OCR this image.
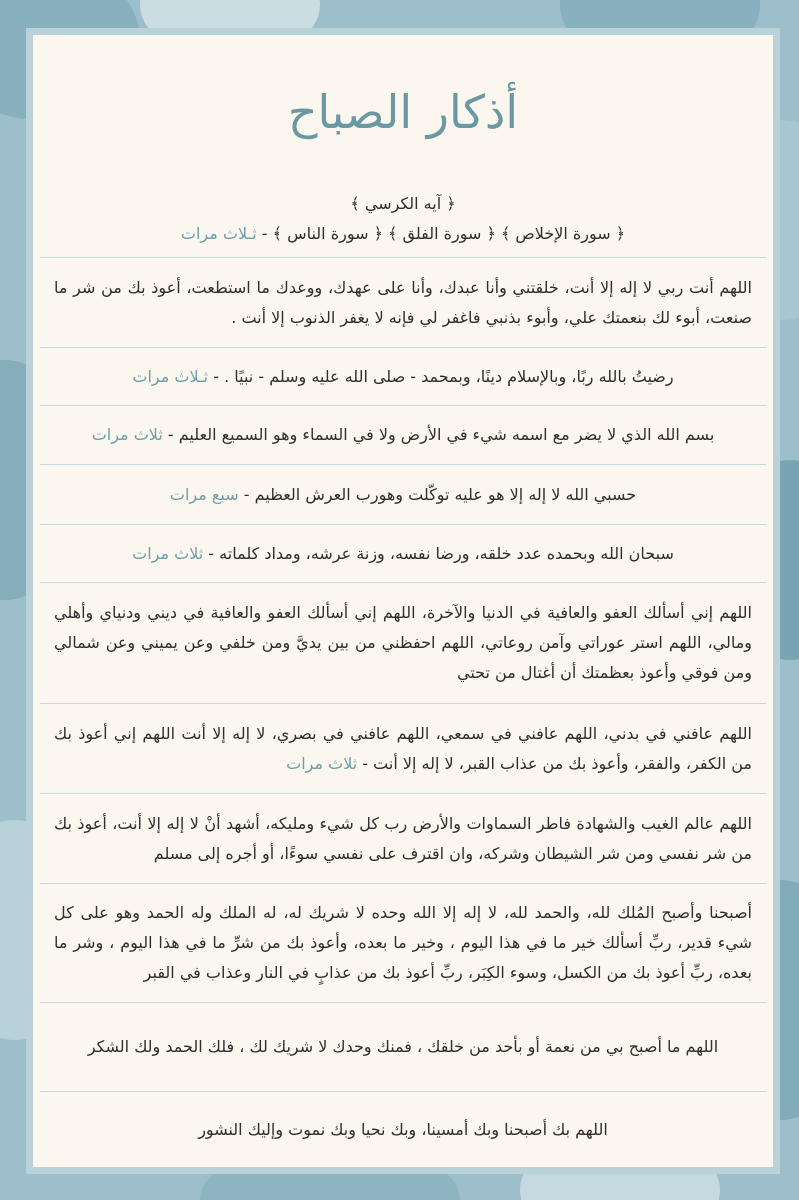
أذكار الصباح
﴿ آيه الكرسي ﴾
﴿ سورة الإخلاص ﴾ ﴿ سورة الفلق ﴾ ﴿ سورة الناس ﴾ - ثـلاث مرات
اللهم أنت ربي لا إله إلا أنت، خلقتني وأنا عبدك، وأنا على عهدك، ووعدك ما استطعت، أعوذ بك من شر ما صنعت، أبوء لك بنعمتك علي، وأبوء بذنبي فاغفر لي فإنه لا يغفر الذنوب إلا أنت .
رضيتُ بالله ربًا، وبالإسلام دينًا، وبمحمد - صلى الله عليه وسلم - نبيًا . - ثـلاث مرات
بسم الله الذي لا يضر مع اسمه شيء في الأرض ولا في السماء وهو السميع العليم - ثلاث مرات
حسبي الله لا إله إلا هو عليه توكّلت وهورب العرش العظيم - سبع مرات
سبحان الله وبحمده عدد خلقه، ورضا نفسه، وزنة عرشه، ومداد كلماته - ثلاث مرات
اللهم إني أسألك العفو والعافية في الدنيا والآخرة، اللهم إني أسألك العفو والعافية في ديني ودنياي وأهلي ومالي، اللهم استر عوراتي وآمن روعاتي، اللهم احفظني من بين يديَّ ومن خلفي وعن يميني وعن شمالي ومن فوقي وأعوذ بعظمتك أن أغتال من تحتي
اللهم عافني في بدني، اللهم عافني في سمعي، اللهم عافني في بصري، لا إله إلا أنت اللهم إني أعوذ بك من الكفر، والفقر، وأعوذ بك من عذاب القبر، لا إله إلا أنت - ثلاث مرات
اللهم عالم الغيب والشهادة فاطر السماوات والأرض رب كل شيء ومليكه، أشهد أنْ لا إله إلا أنت، أعوذ بك من شر نفسي ومن شر الشيطان وشركه، وان اقترف على نفسي سوءًا، أو أجره إلى مسلم
أصبحنا وأصبح المُلك لله، والحمد لله، لا إله إلا الله وحده لا شريك له، له الملك وله الحمد وهو على كل شيء قدير، ربِّ أسألك خير ما في هذا اليوم ، وخير ما بعده، وأعوذ بك من شرِّ ما في هذا اليوم ، وشر ما بعده، ربِّ أعوذ بك من الكسل، وسوء الكِبَر، ربِّ أعوذ بك من عذابٍ في النار وعذاب في القبر
اللهم ما أصبح بي من نعمة أو بأحد من خلقك ، فمنك وحدك لا شريك لك ، فلك الحمد ولك الشكر
اللهم بك أصبحنا وبك أمسينا، وبك نحيا وبك نموت وإليك النشور
